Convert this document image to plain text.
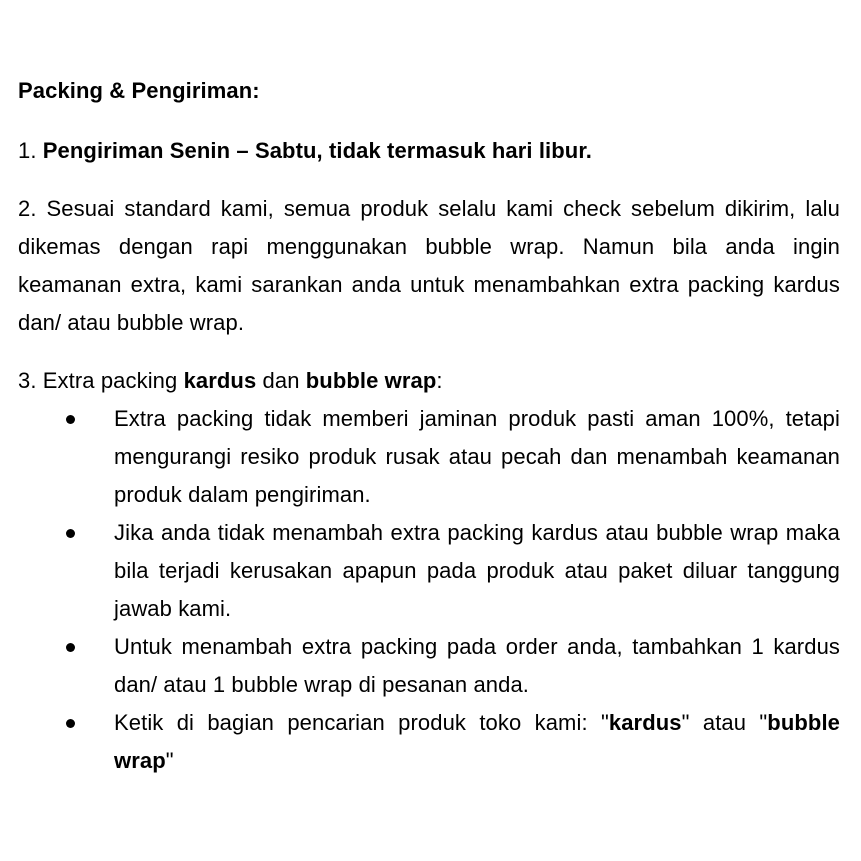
Packing & Pengiriman:
1. Pengiriman Senin – Sabtu, tidak termasuk hari libur.
2. Sesuai standard kami, semua produk selalu kami check sebelum dikirim, lalu dikemas dengan rapi menggunakan bubble wrap. Namun bila anda ingin keamanan extra, kami sarankan anda untuk menambahkan extra packing kardus dan/ atau bubble wrap.
3. Extra packing kardus dan bubble wrap:
Extra packing tidak memberi jaminan produk pasti aman 100%, tetapi mengurangi resiko produk rusak atau pecah dan menambah keamanan produk dalam pengiriman.
Jika anda tidak menambah extra packing kardus atau bubble wrap maka bila terjadi kerusakan apapun pada produk atau paket diluar tanggung jawab kami.
Untuk menambah extra packing pada order anda, tambahkan 1 kardus dan/ atau 1 bubble wrap di pesanan anda.
Ketik di bagian pencarian produk toko kami: "kardus" atau "bubble wrap"
